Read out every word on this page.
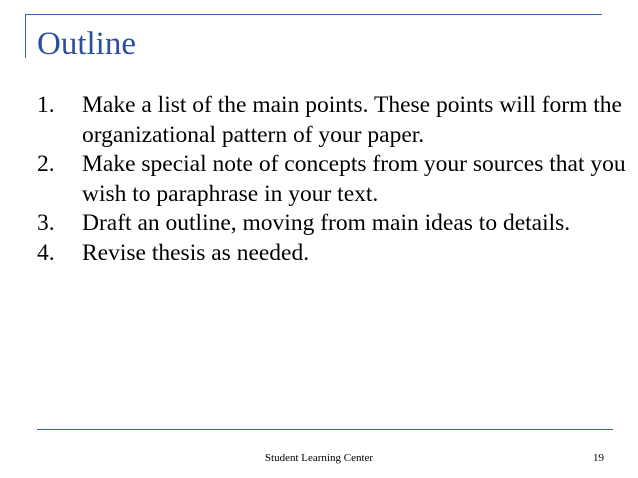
Outline
1. Make a list of the main points. These points will form the organizational pattern of your paper.
2. Make special note of concepts from your sources that you wish to paraphrase in your text.
3. Draft an outline, moving from main ideas to details.
4. Revise thesis as needed.
Student Learning Center	19
